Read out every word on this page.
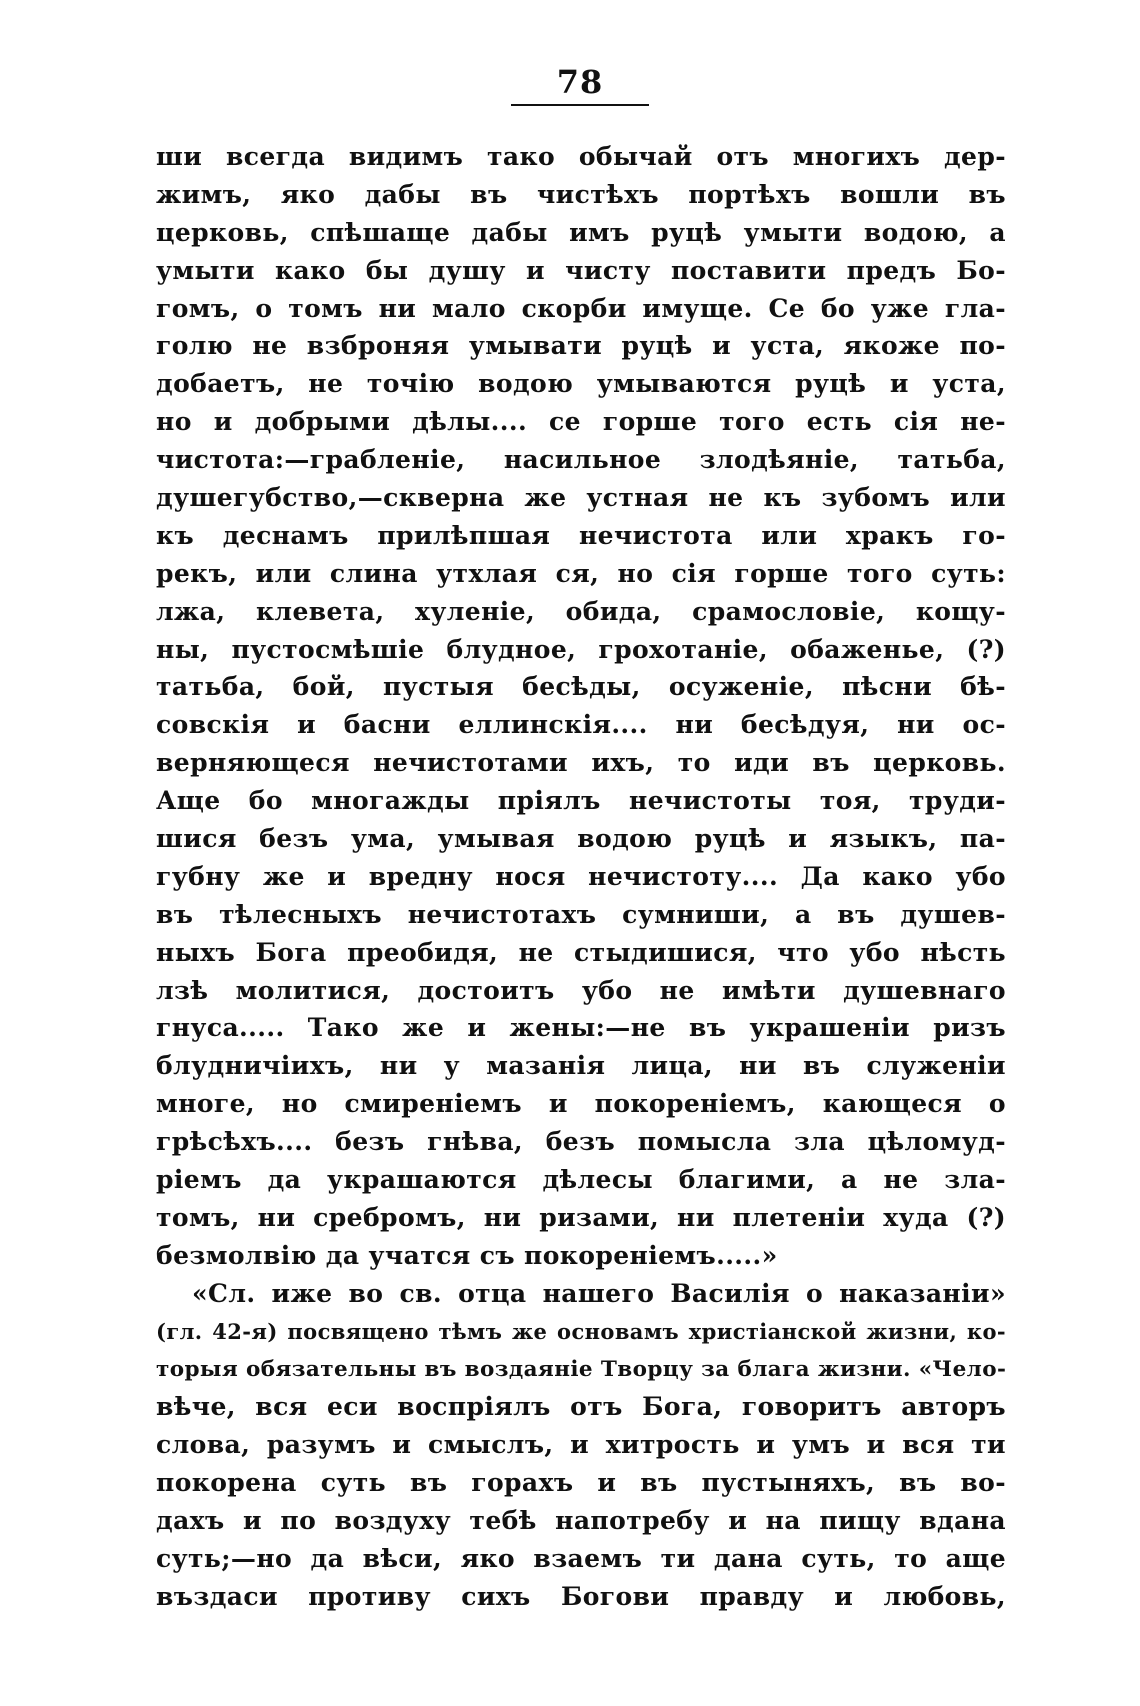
78
ши всегда видимъ тако обычай отъ многихъ дер-
жимъ, яко дабы въ чистѣхъ портѣхъ вошли въ
церковь, спѣшаще дабы имъ руцѣ умыти водою, а
умыти како бы душу и чисту поставити предъ Бо-
гомъ, о томъ ни мало скорби имуще. Се бо уже гла-
голю не взброняя умывати руцѣ и уста, якоже по-
добаетъ, не точію водою умываются руцѣ и уста,
но и добрыми дѣлы.... се горше того есть сія не-
чистота:—грабленіе, насильное злодѣяніе, татьба,
душегубство,—скверна же устная не къ зубомъ или
къ деснамъ прилѣпшая нечистота или хракъ го-
рекъ, или слина утхлая ся, но сія горше того суть:
лжа, клевета, хуленіе, обида, срамословіе, кощу-
ны, пустосмѣшіе блудное, грохотаніе, обаженье, (?)
татьба, бой, пустыя бесѣды, осуженіе, пѣсни бѣ-
совскія и басни еллинскія.... ни бесѣдуя, ни ос-
верняющеся нечистотами ихъ, то иди въ церковь.
Аще бо многажды пріялъ нечистоты тоя, труди-
шися безъ ума, умывая водою руцѣ и языкъ, па-
губну же и вредну нося нечистоту.... Да како убо
въ тѣлесныхъ нечистотахъ сумниши, а въ душев-
ныхъ Бога преобидя, не стыдишися, что убо нѣсть
лзѣ молитися, достоитъ убо не имѣти душевнаго
гнуса..... Тако же и жены:—не въ украшеніи ризъ
блудничіихъ, ни у мазанія лица, ни въ служеніи
многе, но смиреніемъ и покореніемъ, кающеся о
грѣсѣхъ.... безъ гнѣва, безъ помысла зла цѣломуд-
ріемъ да украшаются дѣлесы благими, а не зла-
томъ, ни сребромъ, ни ризами, ни плетеніи худа (?)
безмолвію да учатся съ покореніемъ.....»
«Сл. иже во св. отца нашего Василія о наказаніи»
(гл. 42-я) посвящено тѣмъ же основамъ христіанской жизни, ко-
торыя обязательны въ воздаяніе Творцу за блага жизни. «Чело-
вѣче, вся еси воспріялъ отъ Бога, говоритъ авторъ
слова, разумъ и смыслъ, и хитрость и умъ и вся ти
покорена суть въ горахъ и въ пустыняхъ, въ во-
дахъ и по воздуху тебѣ напотребу и на пищу вдана
суть;—но да вѣси, яко взаемъ ти дана суть, то аще
въздаси противу сихъ Богови правду и любовь,
